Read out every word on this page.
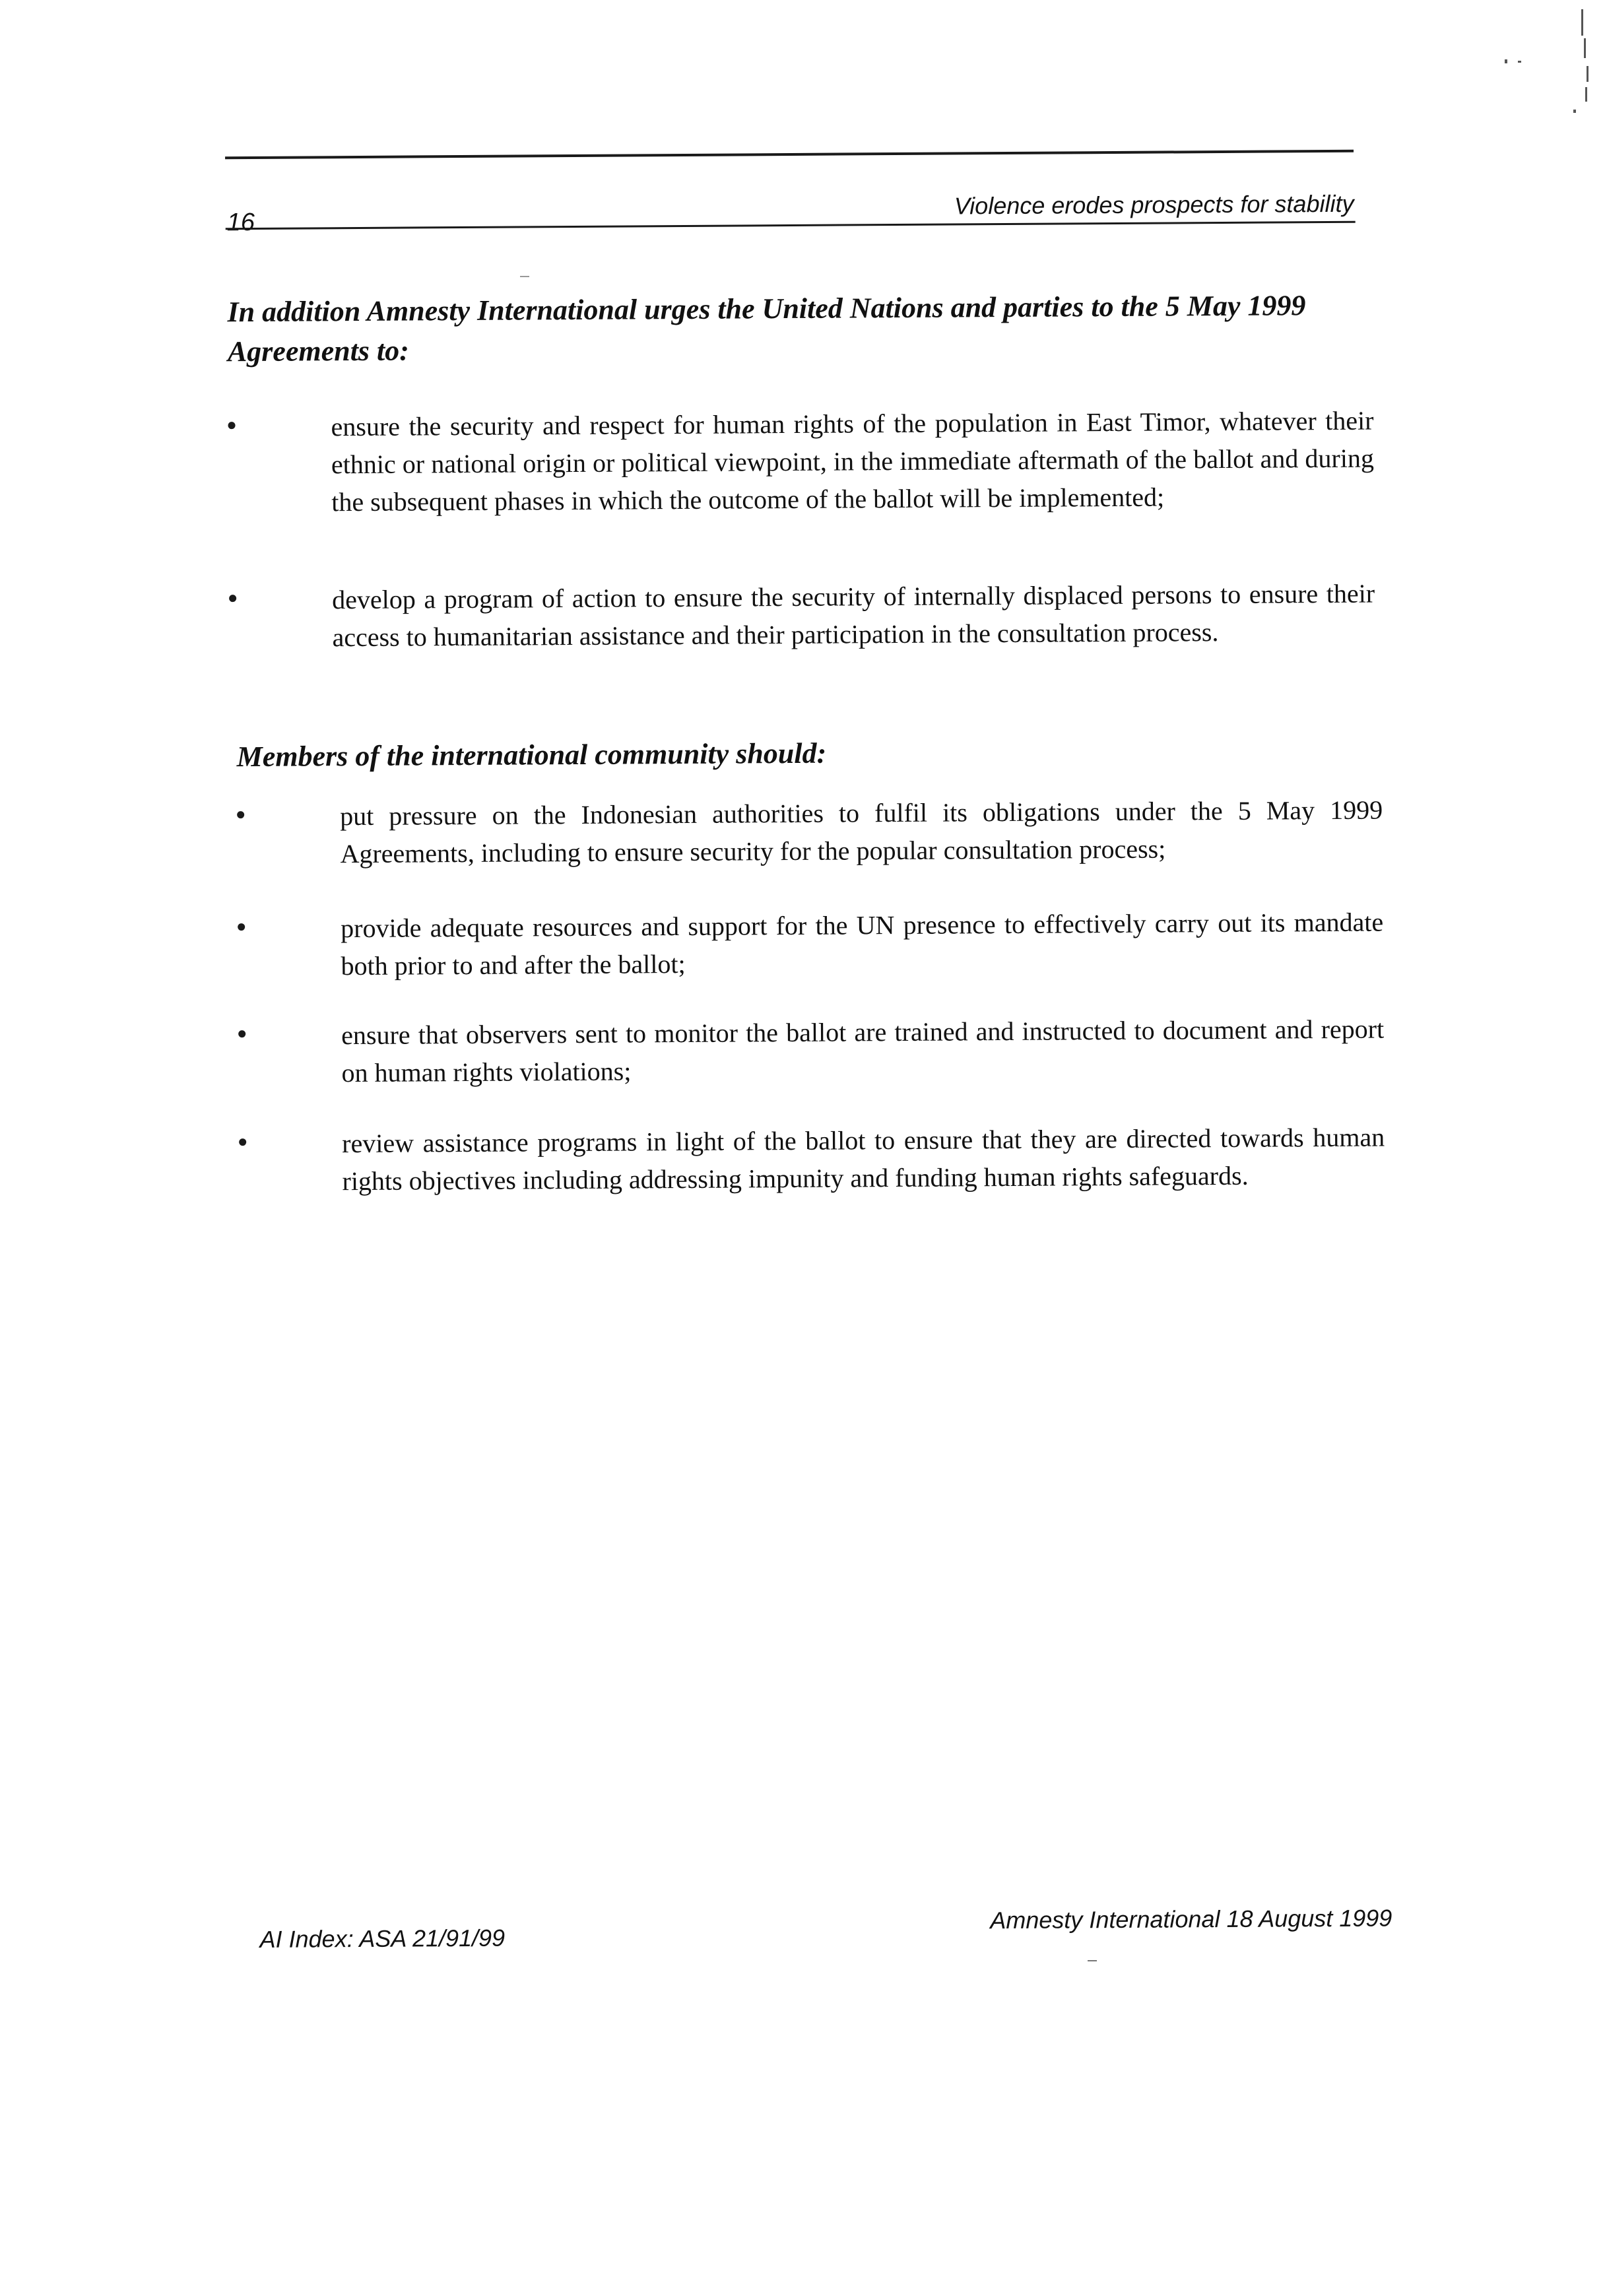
16
Violence erodes prospects for stability
In addition Amnesty International urges the United Nations and parties to the 5 May 1999 Agreements to:
ensure the security and respect for human rights of the population in East Timor, whatever their ethnic or national origin or political viewpoint, in the immediate aftermath of the ballot and during the subsequent phases in which the outcome of the ballot will be implemented;
develop a program of action to ensure the security of internally displaced persons to ensure their access to humanitarian assistance and their participation in the consultation process.
Members of the international community should:
put pressure on the Indonesian authorities to fulfil its obligations under the 5 May 1999 Agreements, including to ensure security for the popular consultation process;
provide adequate resources and support for the UN presence to effectively carry out its mandate both prior to and after the ballot;
ensure that observers sent to monitor the ballot are trained and instructed to document and report on human rights violations;
review assistance programs in light of the ballot to ensure that they are directed towards human rights objectives including addressing impunity and funding human rights safeguards.
AI Index: ASA 21/91/99
Amnesty International 18 August 1999
